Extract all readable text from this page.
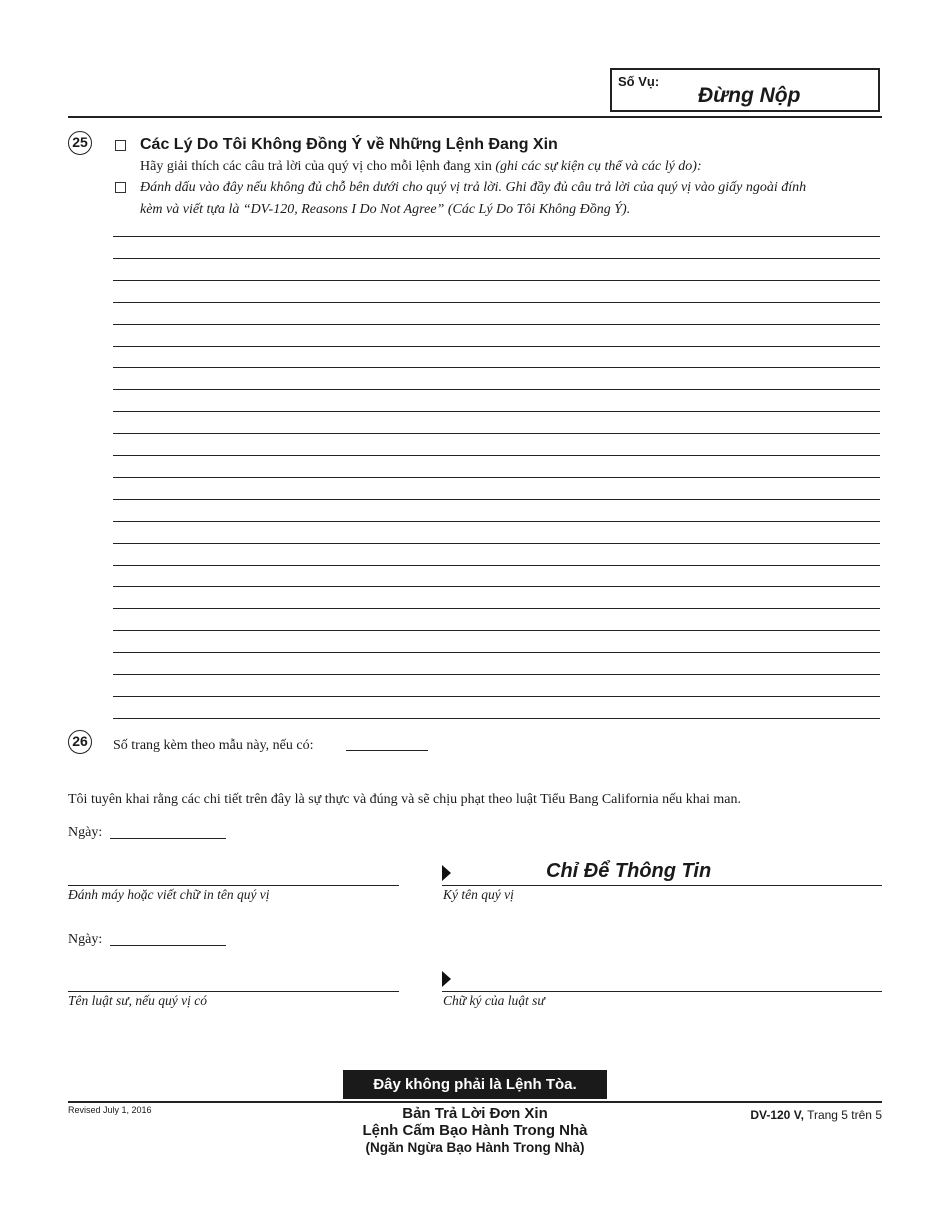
Số Vụ:
Đừng Nộp
25	Các Lý Do Tôi Không Đồng Ý về Những Lệnh Đang Xin
Hãy giải thích các câu trả lời của quý vị cho mỗi lệnh đang xin (ghi các sự kiện cụ thể và các lý do):
Đánh dấu vào đây nếu không đủ chỗ bên dưới cho quý vị trả lời. Ghi đầy đủ câu trả lời của quý vị vào giấy ngoài đính
kèm và viết tựa là “DV-120, Reasons I Do Not Agree” (Các Lý Do Tôi Không Đồng Ý).
26	Số trang kèm theo mẫu này, nếu có:
Tôi tuyên khai rằng các chi tiết trên đây là sự thực và đúng và sẽ chịu phạt theo luật Tiểu Bang California nếu khai man.
Ngày:
Đánh máy hoặc viết chữ in tên quý vị
Chỉ Để Thông Tin
Ký tên quý vị
Ngày:
Tên luật sư, nếu quý vị có	Chữ ký của luật sư
Đây không phải là Lệnh Tòa.
Revised July 1, 2016	Bản Trả Lời Đơn Xin
Lệnh Cấm Bạo Hành Trong Nhà
(Ngăn Ngừa Bạo Hành Trong Nhà)
DV-120 V, Trang 5 trên 5
